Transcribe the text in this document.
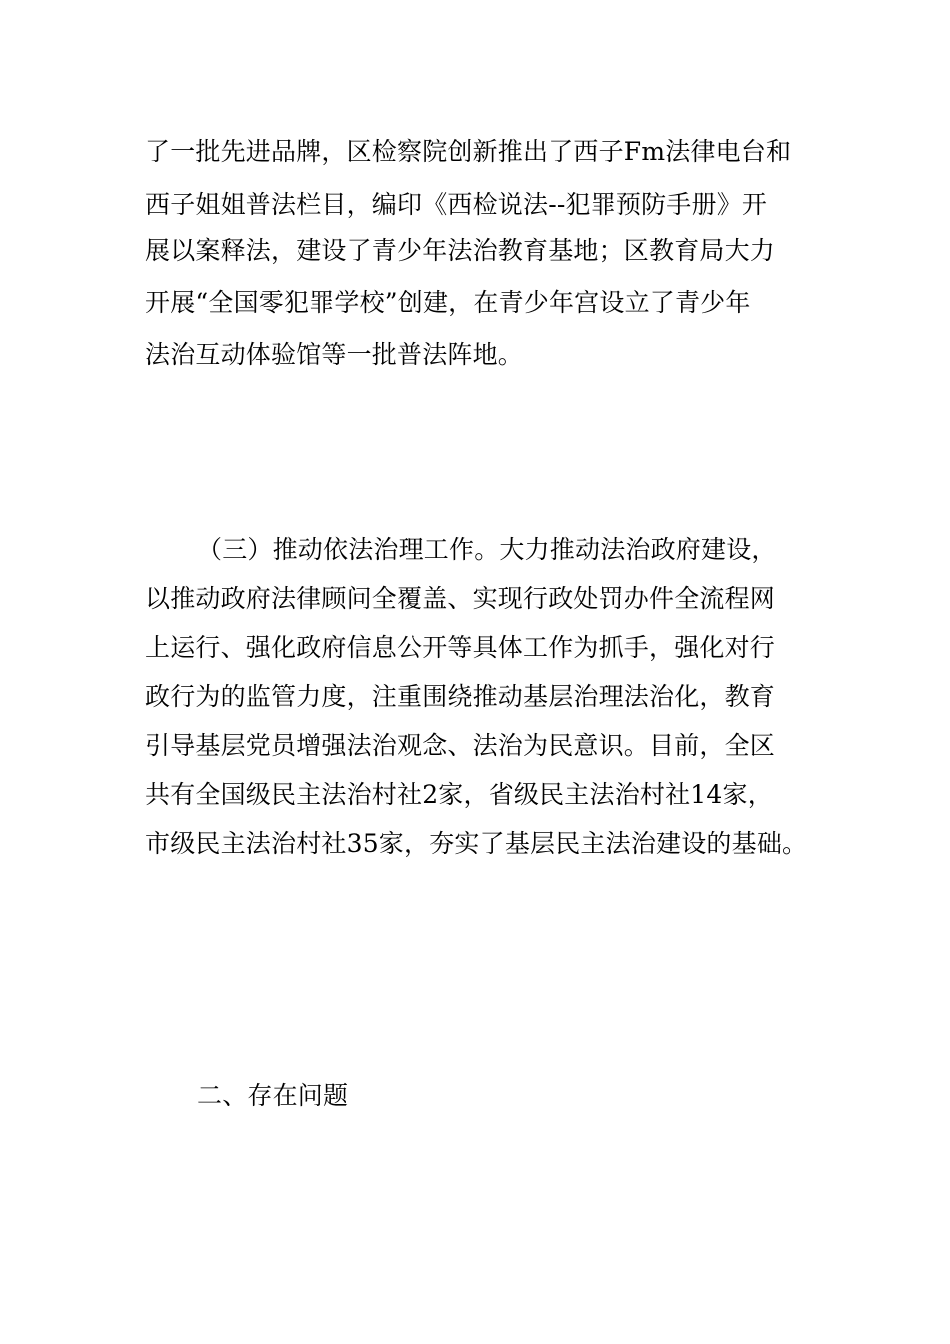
了一批先进品牌，区检察院创新推出了西子Fm法律电台和
西子姐姐普法栏目，编印《西检说法--犯罪预防手册》开
展以案释法，建设了青少年法治教育基地；区教育局大力
开展“全国零犯罪学校”创建，在青少年宫设立了青少年
法治互动体验馆等一批普法阵地。
（三）推动依法治理工作。大力推动法治政府建设，
以推动政府法律顾问全覆盖、实现行政处罚办件全流程网
上运行、强化政府信息公开等具体工作为抓手，强化对行
政行为的监管力度，注重围绕推动基层治理法治化，教育
引导基层党员增强法治观念、法治为民意识。目前，全区
共有全国级民主法治村社2家，省级民主法治村社14家，
市级民主法治村社35家，夯实了基层民主法治建设的基础。
二、存在问题
